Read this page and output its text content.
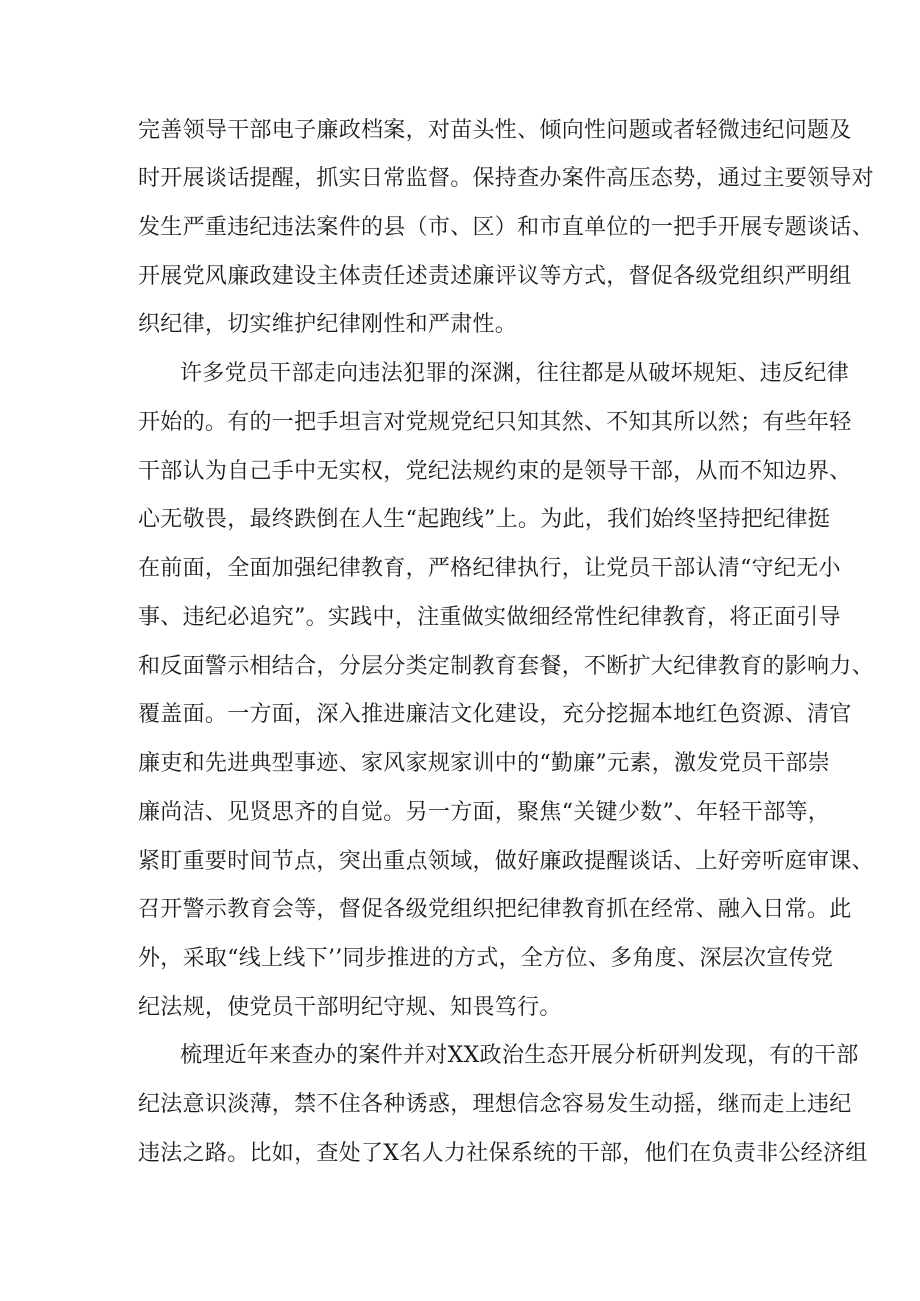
完善领导干部电子廉政档案，对苗头性、倾向性问题或者轻微违纪问题及
时开展谈话提醒，抓实日常监督。保持查办案件高压态势，通过主要领导对
发生严重违纪违法案件的县（市、区）和市直单位的一把手开展专题谈话、
开展党风廉政建设主体责任述责述廉评议等方式，督促各级党组织严明组
织纪律，切实维护纪律刚性和严肃性。
许多党员干部走向违法犯罪的深渊，往往都是从破坏规矩、违反纪律
开始的。有的一把手坦言对党规党纪只知其然、不知其所以然；有些年轻
干部认为自己手中无实权，党纪法规约束的是领导干部，从而不知边界、
心无敬畏，最终跌倒在人生“起跑线”上。为此，我们始终坚持把纪律挺
在前面，全面加强纪律教育，严格纪律执行，让党员干部认清“守纪无小
事、违纪必追究”。实践中，注重做实做细经常性纪律教育，将正面引导
和反面警示相结合，分层分类定制教育套餐，不断扩大纪律教育的影响力、
覆盖面。一方面，深入推进廉洁文化建设，充分挖掘本地红色资源、清官
廉吏和先进典型事迹、家风家规家训中的“勤廉”元素，激发党员干部崇
廉尚洁、见贤思齐的自觉。另一方面，聚焦“关键少数”、年轻干部等，
紧盯重要时间节点，突出重点领域，做好廉政提醒谈话、上好旁听庭审课、
召开警示教育会等，督促各级党组织把纪律教育抓在经常、融入日常。此
外，采取“线上线下’’同步推进的方式，全方位、多角度、深层次宣传党
纪法规，使党员干部明纪守规、知畏笃行。
梳理近年来查办的案件并对XX政治生态开展分析研判发现，有的干部
纪法意识淡薄，禁不住各种诱惑，理想信念容易发生动摇，继而走上违纪
违法之路。比如，查处了X名人力社保系统的干部，他们在负责非公经济组
